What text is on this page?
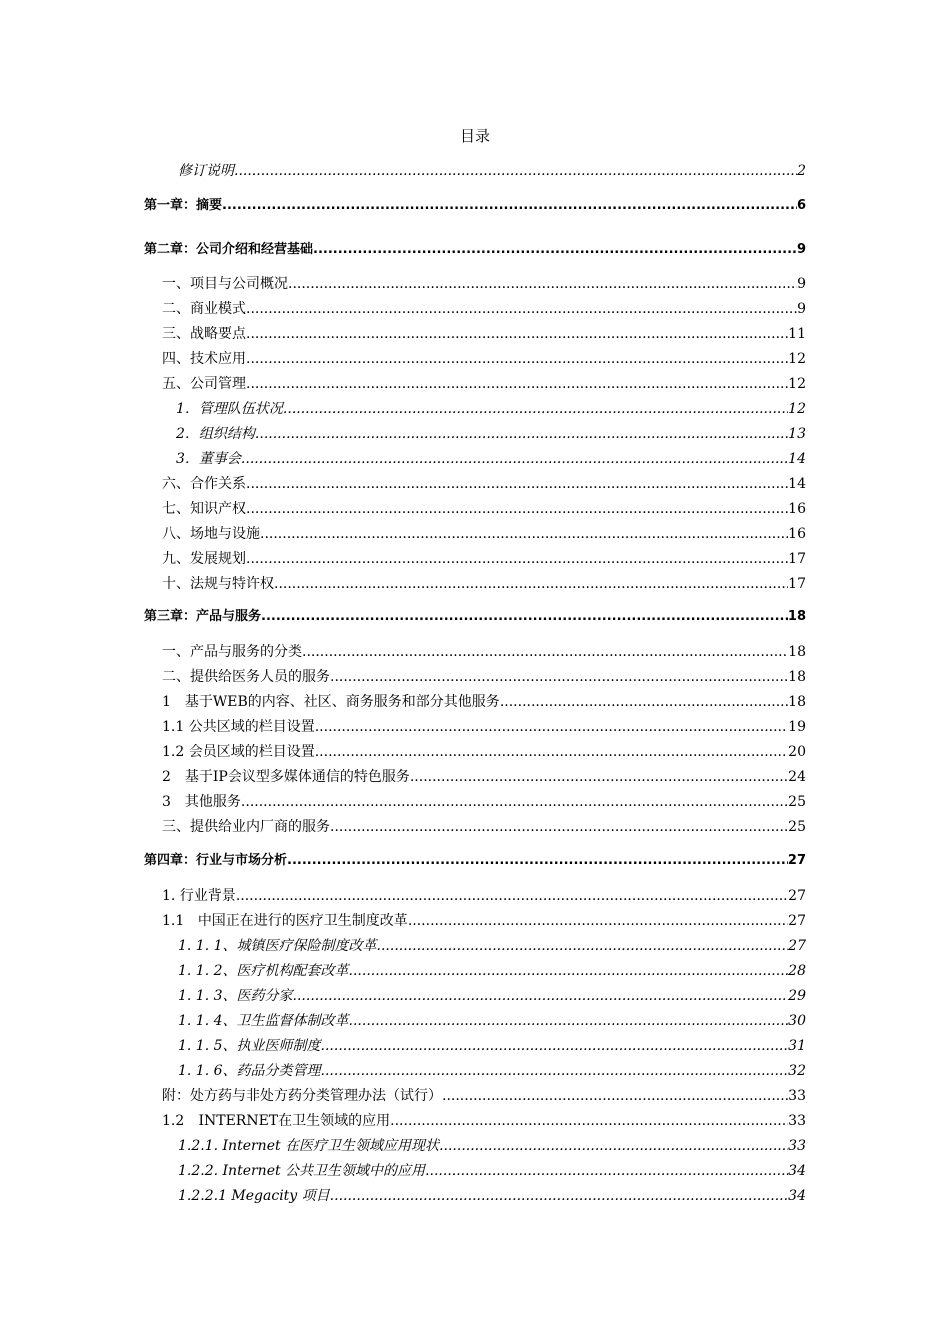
目录
修订说明 .....	2
第一章：摘要 .....	6
第二章：公司介绍和经营基础 .....	9
一、项目与公司概况 .....	9
二、商业模式 .....	9
三、战略要点 .....	11
四、技术应用 .....	12
五、公司管理 .....	12
1．管理队伍状况 .....	12
2．组织结构 .....	13
3．董事会 .....	14
六、合作关系 .....	14
七、知识产权 .....	16
八、场地与设施 .....	16
九、发展规划 .....	17
十、法规与特许权 .....	17
第三章：产品与服务 .....	18
一、产品与服务的分类 .....	18
二、提供给医务人员的服务 .....	18
1　基于WEB的内容、社区、商务服务和部分其他服务 .....	18
1.1 公共区域的栏目设置 .....	19
1.2 会员区域的栏目设置 .....	20
2　基于IP会议型多媒体通信的特色服务 .....	24
3　其他服务 .....	25
三、提供给业内厂商的服务 .....	25
第四章：行业与市场分析 .....	27
1. 行业背景 .....	27
1.1 中国正在进行的医疗卫生制度改革 .....	27
1. 1. 1、城镇医疗保险制度改革 .....	27
1. 1. 2、医疗机构配套改革 .....	28
1. 1. 3、医药分家 .....	29
1. 1. 4、卫生监督体制改革 .....	30
1. 1. 5、执业医师制度 .....	31
1. 1. 6、药品分类管理 .....	32
附：处方药与非处方药分类管理办法（试行） .....	33
1.2 INTERNET在卫生领域的应用 .....	33
1.2.1. Internet 在医疗卫生领域应用现状 .....	33
1.2.2. Internet 公共卫生领域中的应用 .....	34
1.2.2.1 Megacity 项目 .....	34
